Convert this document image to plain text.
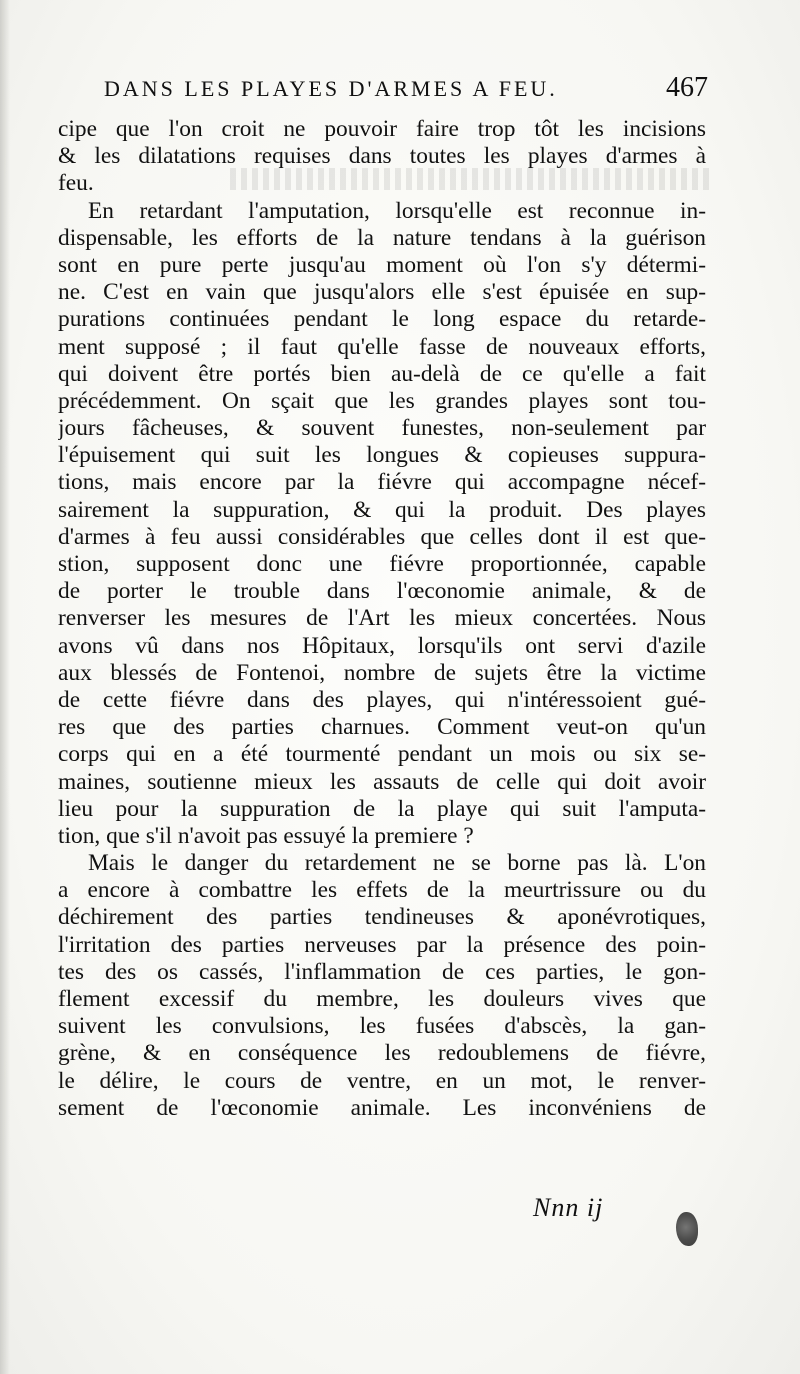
DANS LES PLAYES D'ARMES A FEU.	467
cipe que l'on croit ne pouvoir faire trop tôt les incisions
& les dilatations requises dans toutes les playes d'armes à
feu.
En retardant l'amputation, lorsqu'elle est reconnue in-
dispensable, les efforts de la nature tendans à la guérison
sont en pure perte jusqu'au moment où l'on s'y détermi-
ne. C'est en vain que jusqu'alors elle s'est épuisée en sup-
purations continuées pendant le long espace du retarde-
ment supposé ; il faut qu'elle fasse de nouveaux efforts,
qui doivent être portés bien au-delà de ce qu'elle a fait
précédemment. On sçait que les grandes playes sont tou-
jours fâcheuses, & souvent funestes, non-seulement par
l'épuisement qui suit les longues & copieuses suppura-
tions, mais encore par la fiévre qui accompagne nécef-
sairement la suppuration, & qui la produit. Des playes
d'armes à feu aussi considérables que celles dont il est que-
stion, supposent donc une fiévre proportionnée, capable
de porter le trouble dans l'œconomie animale, & de
renverser les mesures de l'Art les mieux concertées. Nous
avons vû dans nos Hôpitaux, lorsqu'ils ont servi d'azile
aux blessés de Fontenoi, nombre de sujets être la victime
de cette fiévre dans des playes, qui n'intéressoient gué-
res que des parties charnues. Comment veut-on qu'un
corps qui en a été tourmenté pendant un mois ou six se-
maines, soutienne mieux les assauts de celle qui doit avoir
lieu pour la suppuration de la playe qui suit l'amputa-
tion, que s'il n'avoit pas essuyé la premiere ?
Mais le danger du retardement ne se borne pas là. L'on
a encore à combattre les effets de la meurtrissure ou du
déchirement des parties tendineuses & aponévrotiques,
l'irritation des parties nerveuses par la présence des poin-
tes des os cassés, l'inflammation de ces parties, le gon-
flement excessif du membre, les douleurs vives que
suivent les convulsions, les fusées d'abscès, la gan-
grène, & en conséquence les redoublemens de fiévre,
le délire, le cours de ventre, en un mot, le renver-
sement de l'œconomie animale. Les inconvéniens de
Nnn ij
